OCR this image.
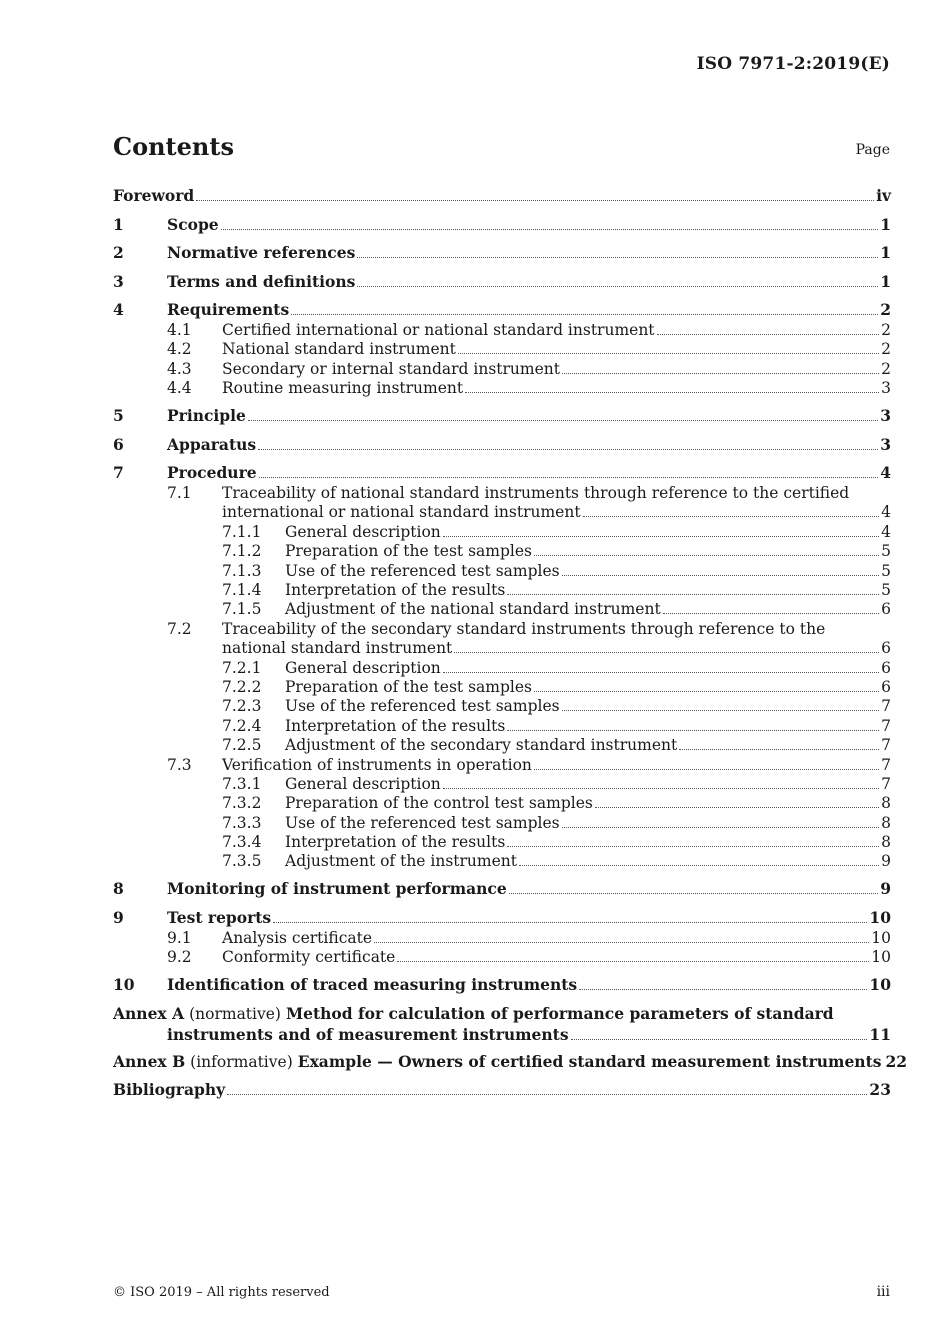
ISO 7971-2:2019(E)
Contents	Page
Foreword	iv
1	Scope	1
2	Normative references	1
3	Terms and definitions	1
4	Requirements	2
4.1 Certified international or national standard instrument	2
4.2 National standard instrument	2
4.3 Secondary or internal standard instrument	2
4.4 Routine measuring instrument	3
5	Principle	3
6	Apparatus	3
7	Procedure	4
7.1 Traceability of national standard instruments through reference to the certified
international or national standard instrument	4
7.1.1 General description	4
7.1.2 Preparation of the test samples	5
7.1.3 Use of the referenced test samples	5
7.1.4 Interpretation of the results	5
7.1.5 Adjustment of the national standard instrument	6
7.2 Traceability of the secondary standard instruments through reference to the
national standard instrument	6
7.2.1 General description	6
7.2.2 Preparation of the test samples	6
7.2.3 Use of the referenced test samples	7
7.2.4 Interpretation of the results	7
7.2.5 Adjustment of the secondary standard instrument	7
7.3 Verification of instruments in operation	7
7.3.1 General description	7
7.3.2 Preparation of the control test samples	8
7.3.3 Use of the referenced test samples	8
7.3.4 Interpretation of the results	8
7.3.5 Adjustment of the instrument	9
8	Monitoring of instrument performance	9
9	Test reports	10
9.1 Analysis certificate	10
9.2 Conformity certificate	10
10 Identification of traced measuring instruments	10
Annex A (normative) Method for calculation of performance parameters of standard
instruments and of measurement instruments	11
Annex B (informative) Example — Owners of certified standard measurement instruments 22
Bibliography	23
© ISO 2019 – All rights reserved	iii
